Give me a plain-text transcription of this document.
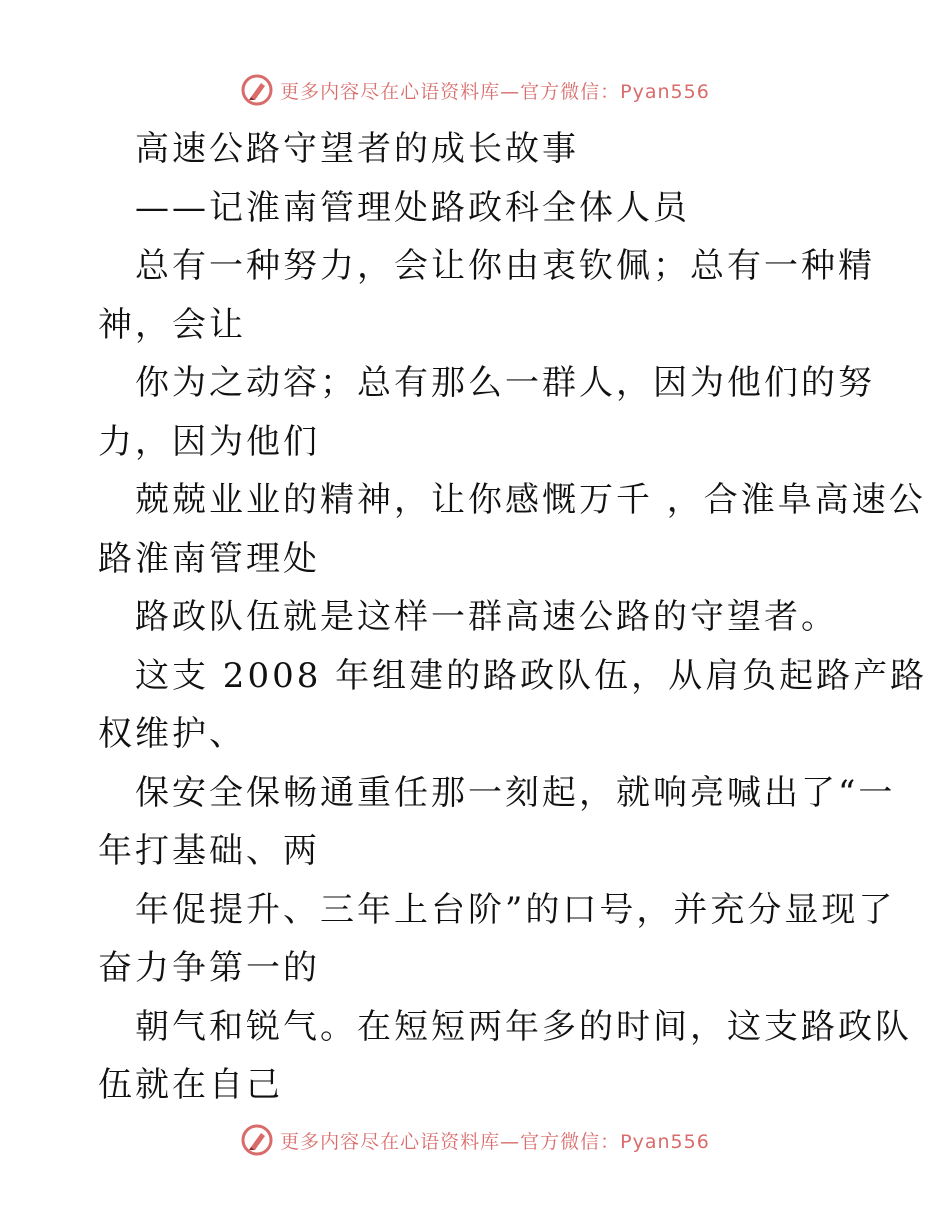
更多内容尽在心语资料库—官方微信：Pyan556

高速公路守望者的成长故事

——记淮南管理处路政科全体人员

总有一种努力，会让你由衷钦佩；总有一种精

神，会让

你为之动容；总有那么一群人，因为他们的努

力，因为他们

兢兢业业的精神，让你感慨万千 ，合淮阜高速公

路淮南管理处

路政队伍就是这样一群高速公路的守望者。

这支 2008 年组建的路政队伍，从肩负起路产路

权维护、

保安全保畅通重任那一刻起，就响亮喊出了“一

年打基础、两

年促提升、三年上台阶”的口号，并充分显现了

奋力争第一的

朝气和锐气。在短短两年多的时间，这支路政队

伍就在自己

更多内容尽在心语资料库—官方微信：Pyan556
